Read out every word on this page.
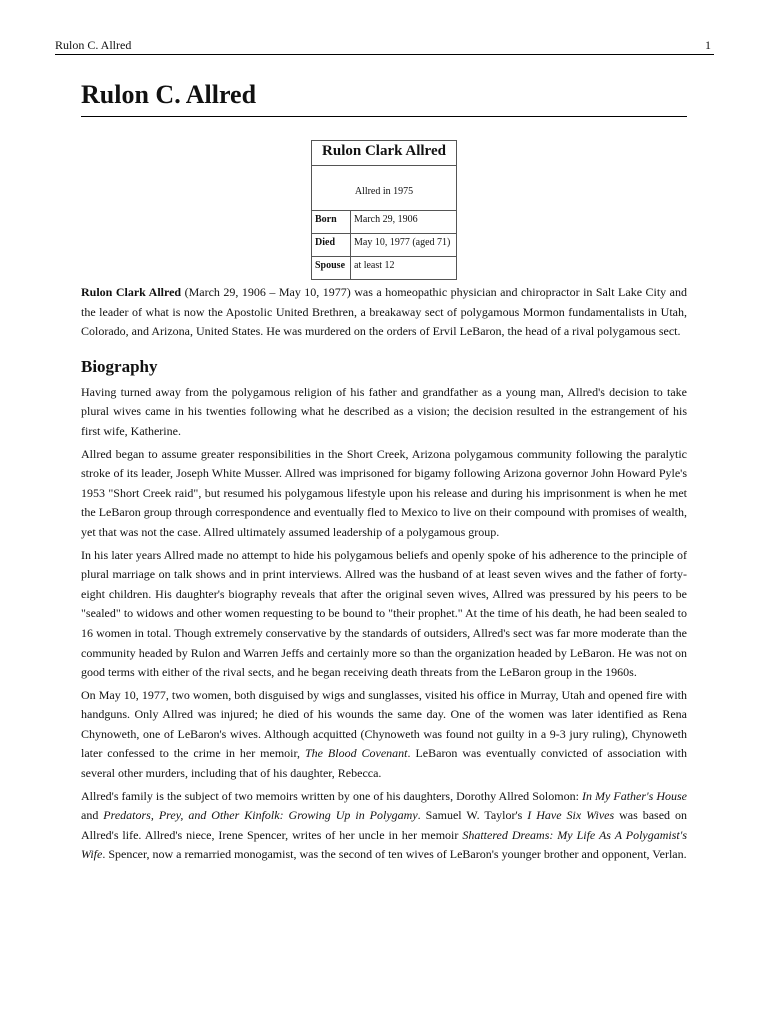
Rulon C. Allred	1
Rulon C. Allred
Rulon Clark Allred	
Allred in 1975	
Born	March 29, 1906
Died	May 10, 1977 (aged 71)
Spouse	at least 12

Rulon Clark Allred (March 29, 1906 – May 10, 1977) was a homeopathic physician and chiropractor in Salt Lake City and the leader of what is now the Apostolic United Brethren, a breakaway sect of polygamous Mormon fundamentalists in Utah, Colorado, and Arizona, United States. He was murdered on the orders of Ervil LeBaron, the head of a rival polygamous sect.

Biography

Having turned away from the polygamous religion of his father and grandfather as a young man, Allred's decision to take plural wives came in his twenties following what he described as a vision; the decision resulted in the estrangement of his first wife, Katherine.

Allred began to assume greater responsibilities in the Short Creek, Arizona polygamous community following the paralytic stroke of its leader, Joseph White Musser. Allred was imprisoned for bigamy following Arizona governor John Howard Pyle's 1953 "Short Creek raid", but resumed his polygamous lifestyle upon his release and during his imprisonment is when he met the LeBaron group through correspondence and eventually fled to Mexico to live on their compound with promises of wealth, yet that was not the case. Allred ultimately assumed leadership of a polygamous group.

In his later years Allred made no attempt to hide his polygamous beliefs and openly spoke of his adherence to the principle of plural marriage on talk shows and in print interviews. Allred was the husband of at least seven wives and the father of forty-eight children. His daughter's biography reveals that after the original seven wives, Allred was pressured by his peers to be "sealed" to widows and other women requesting to be bound to "their prophet." At the time of his death, he had been sealed to 16 women in total. Though extremely conservative by the standards of outsiders, Allred's sect was far more moderate than the community headed by Rulon and Warren Jeffs and certainly more so than the organization headed by LeBaron. He was not on good terms with either of the rival sects, and he began receiving death threats from the LeBaron group in the 1960s.

On May 10, 1977, two women, both disguised by wigs and sunglasses, visited his office in Murray, Utah and opened fire with handguns. Only Allred was injured; he died of his wounds the same day. One of the women was later identified as Rena Chynoweth, one of LeBaron's wives. Although acquitted (Chynoweth was found not guilty in a 9-3 jury ruling), Chynoweth later confessed to the crime in her memoir, The Blood Covenant. LeBaron was eventually convicted of association with several other murders, including that of his daughter, Rebecca.

Allred's family is the subject of two memoirs written by one of his daughters, Dorothy Allred Solomon: In My Father's House and Predators, Prey, and Other Kinfolk: Growing Up in Polygamy. Samuel W. Taylor's I Have Six Wives was based on Allred's life. Allred's niece, Irene Spencer, writes of her uncle in her memoir Shattered Dreams: My Life As A Polygamist's Wife. Spencer, now a remarried monogamist, was the second of ten wives of LeBaron's younger brother and opponent, Verlan.
